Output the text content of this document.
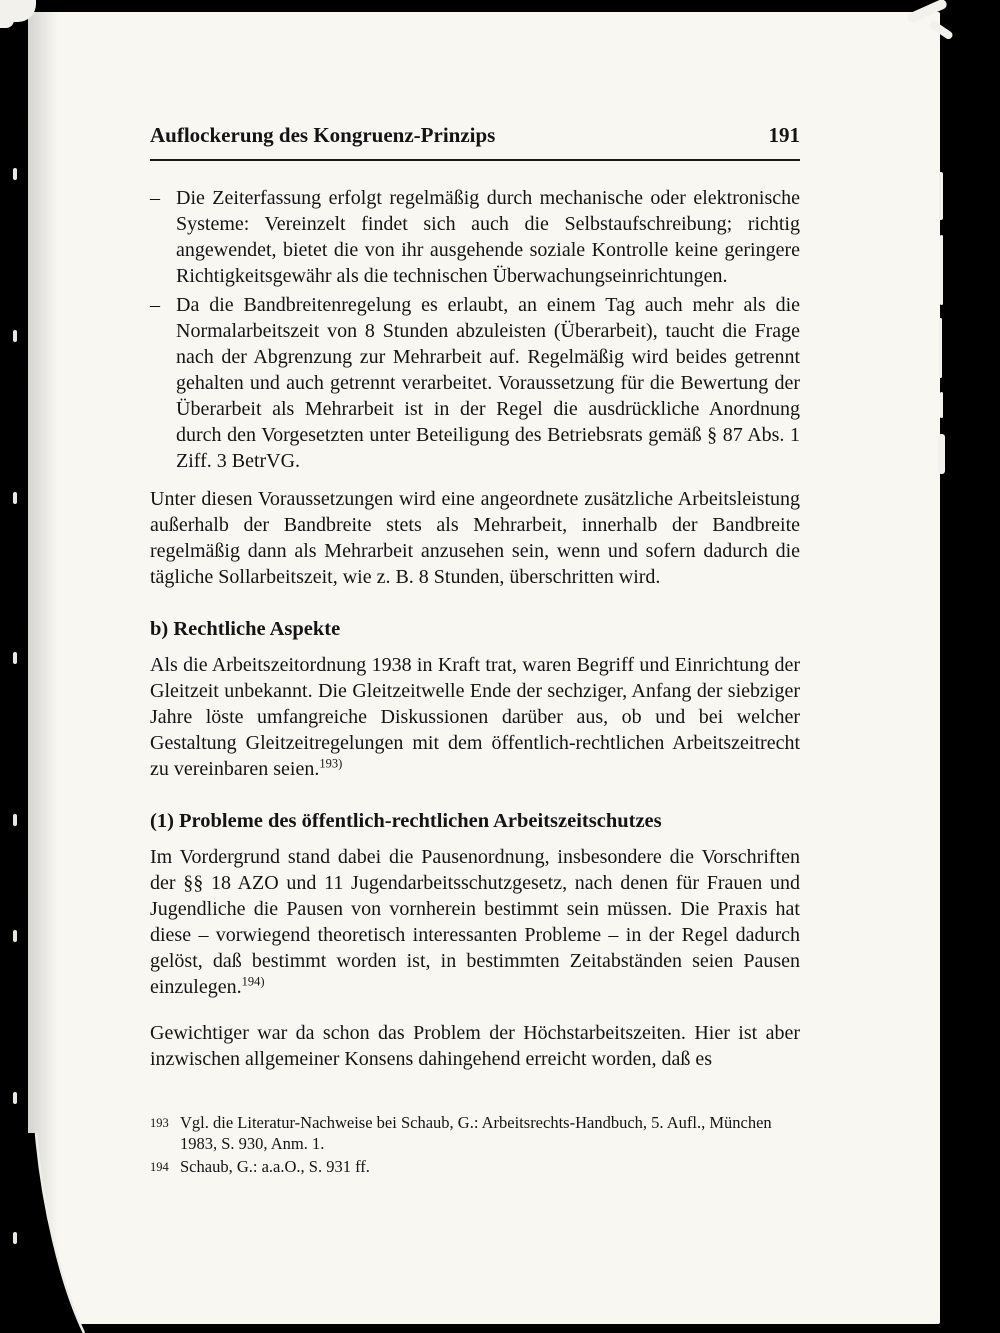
Auflockerung des Kongruenz-Prinzips	191
– Die Zeiterfassung erfolgt regelmäßig durch mechanische oder elektronische Systeme: Vereinzelt findet sich auch die Selbstaufschreibung; richtig angewendet, bietet die von ihr ausgehende soziale Kontrolle keine geringere Richtigkeitsgewähr als die technischen Überwachungseinrichtungen.
– Da die Bandbreitenregelung es erlaubt, an einem Tag auch mehr als die Normalarbeitszeit von 8 Stunden abzuleisten (Überarbeit), taucht die Frage nach der Abgrenzung zur Mehrarbeit auf. Regelmäßig wird beides getrennt gehalten und auch getrennt verarbeitet. Voraussetzung für die Bewertung der Überarbeit als Mehrarbeit ist in der Regel die ausdrückliche Anordnung durch den Vorgesetzten unter Beteiligung des Betriebsrats gemäß § 87 Abs. 1 Ziff. 3 BetrVG.

Unter diesen Voraussetzungen wird eine angeordnete zusätzliche Arbeitsleistung außerhalb der Bandbreite stets als Mehrarbeit, innerhalb der Bandbreite regelmäßig dann als Mehrarbeit anzusehen sein, wenn und sofern dadurch die tägliche Sollarbeitszeit, wie z. B. 8 Stunden, überschritten wird.

b) Rechtliche Aspekte

Als die Arbeitszeitordnung 1938 in Kraft trat, waren Begriff und Einrichtung der Gleitzeit unbekannt. Die Gleitzeitwelle Ende der sechziger, Anfang der siebziger Jahre löste umfangreiche Diskussionen darüber aus, ob und bei welcher Gestaltung Gleitzeitregelungen mit dem öffentlich-rechtlichen Arbeitszeitrecht zu vereinbaren seien.$^{193)}$

(1) Probleme des öffentlich-rechtlichen Arbeitszeitschutzes

Im Vordergrund stand dabei die Pausenordnung, insbesondere die Vorschriften der §§ 18 AZO und 11 Jugendarbeitsschutzgesetz, nach denen für Frauen und Jugendliche die Pausen von vornherein bestimmt sein müssen. Die Praxis hat diese – vorwiegend theoretisch interessanten Probleme – in der Regel dadurch gelöst, daß bestimmt worden ist, in bestimmten Zeitabständen seien Pausen einzulegen.$^{194)}$

Gewichtiger war da schon das Problem der Höchstarbeitszeiten. Hier ist aber inzwischen allgemeiner Konsens dahingehend erreicht worden, daß es

193 Vgl. die Literatur-Nachweise bei Schaub, G.: Arbeitsrechts-Handbuch, 5. Aufl., München 1983, S. 930, Anm. 1.
194 Schaub, G.: a.a.O., S. 931 ff.
